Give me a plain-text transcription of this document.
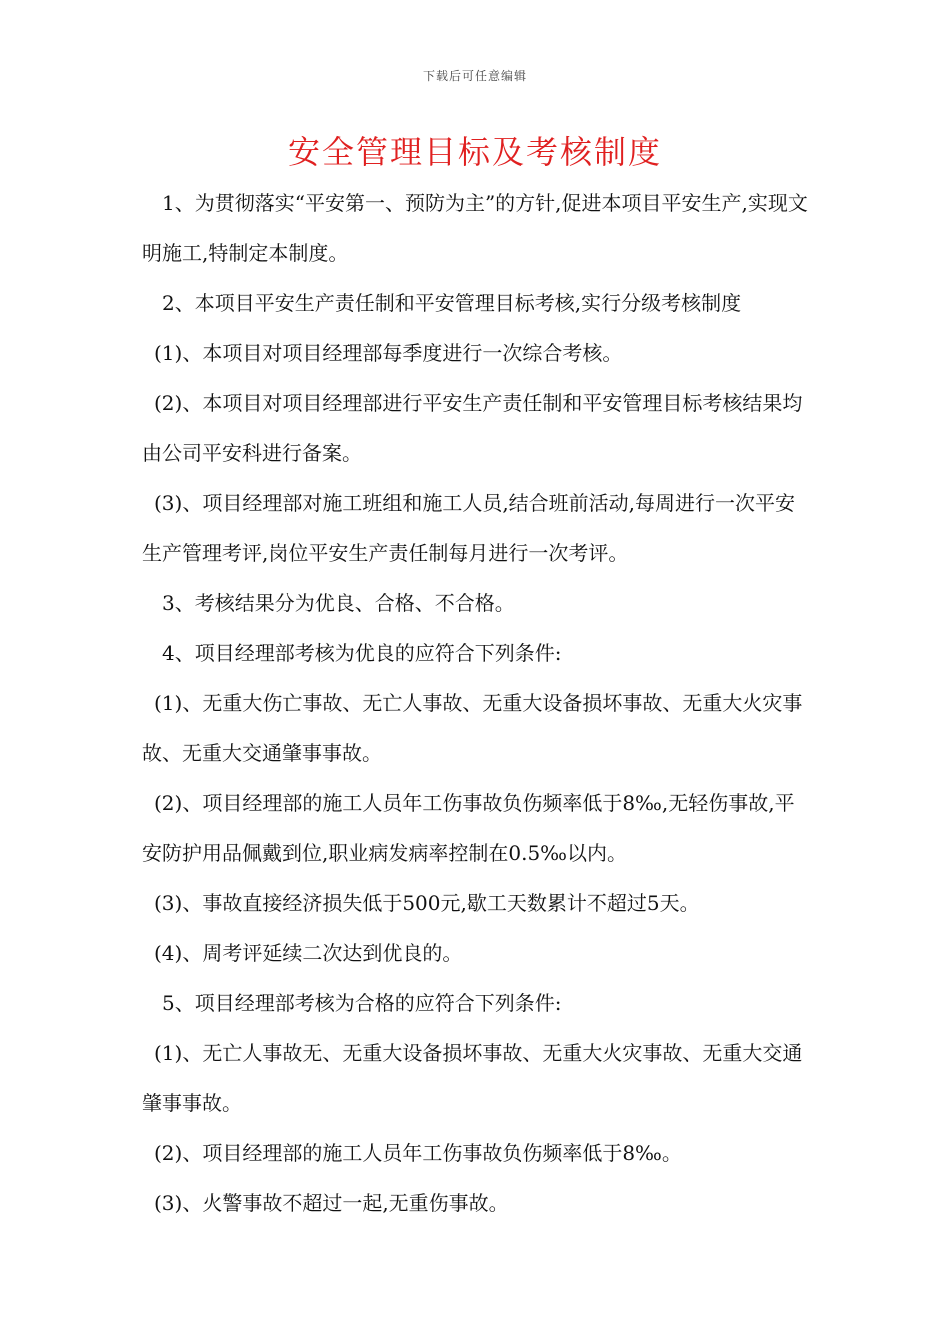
下载后可任意编辑
安全管理目标及考核制度

1、为贯彻落实“平安第一、预防为主”的方针,促进本项目平安生产,实现文明施工,特制定本制度。

2、本项目平安生产责任制和平安管理目标考核,实行分级考核制度

(1)、本项目对项目经理部每季度进行一次综合考核。

(2)、本项目对项目经理部进行平安生产责任制和平安管理目标考核结果均由公司平安科进行备案。

(3)、项目经理部对施工班组和施工人员,结合班前活动,每周进行一次平安生产管理考评,岗位平安生产责任制每月进行一次考评。

3、考核结果分为优良、合格、不合格。

4、项目经理部考核为优良的应符合下列条件:

(1)、无重大伤亡事故、无亡人事故、无重大设备损坏事故、无重大火灾事故、无重大交通肇事事故。

(2)、项目经理部的施工人员年工伤事故负伤频率低于8‰,无轻伤事故,平安防护用品佩戴到位,职业病发病率控制在0.5‰以内。

(3)、事故直接经济损失低于500元,歇工天数累计不超过5天。

(4)、周考评延续二次达到优良的。

5、项目经理部考核为合格的应符合下列条件:

(1)、无亡人事故无、无重大设备损坏事故、无重大火灾事故、无重大交通肇事事故。

(2)、项目经理部的施工人员年工伤事故负伤频率低于8‰。

(3)、火警事故不超过一起,无重伤事故。
